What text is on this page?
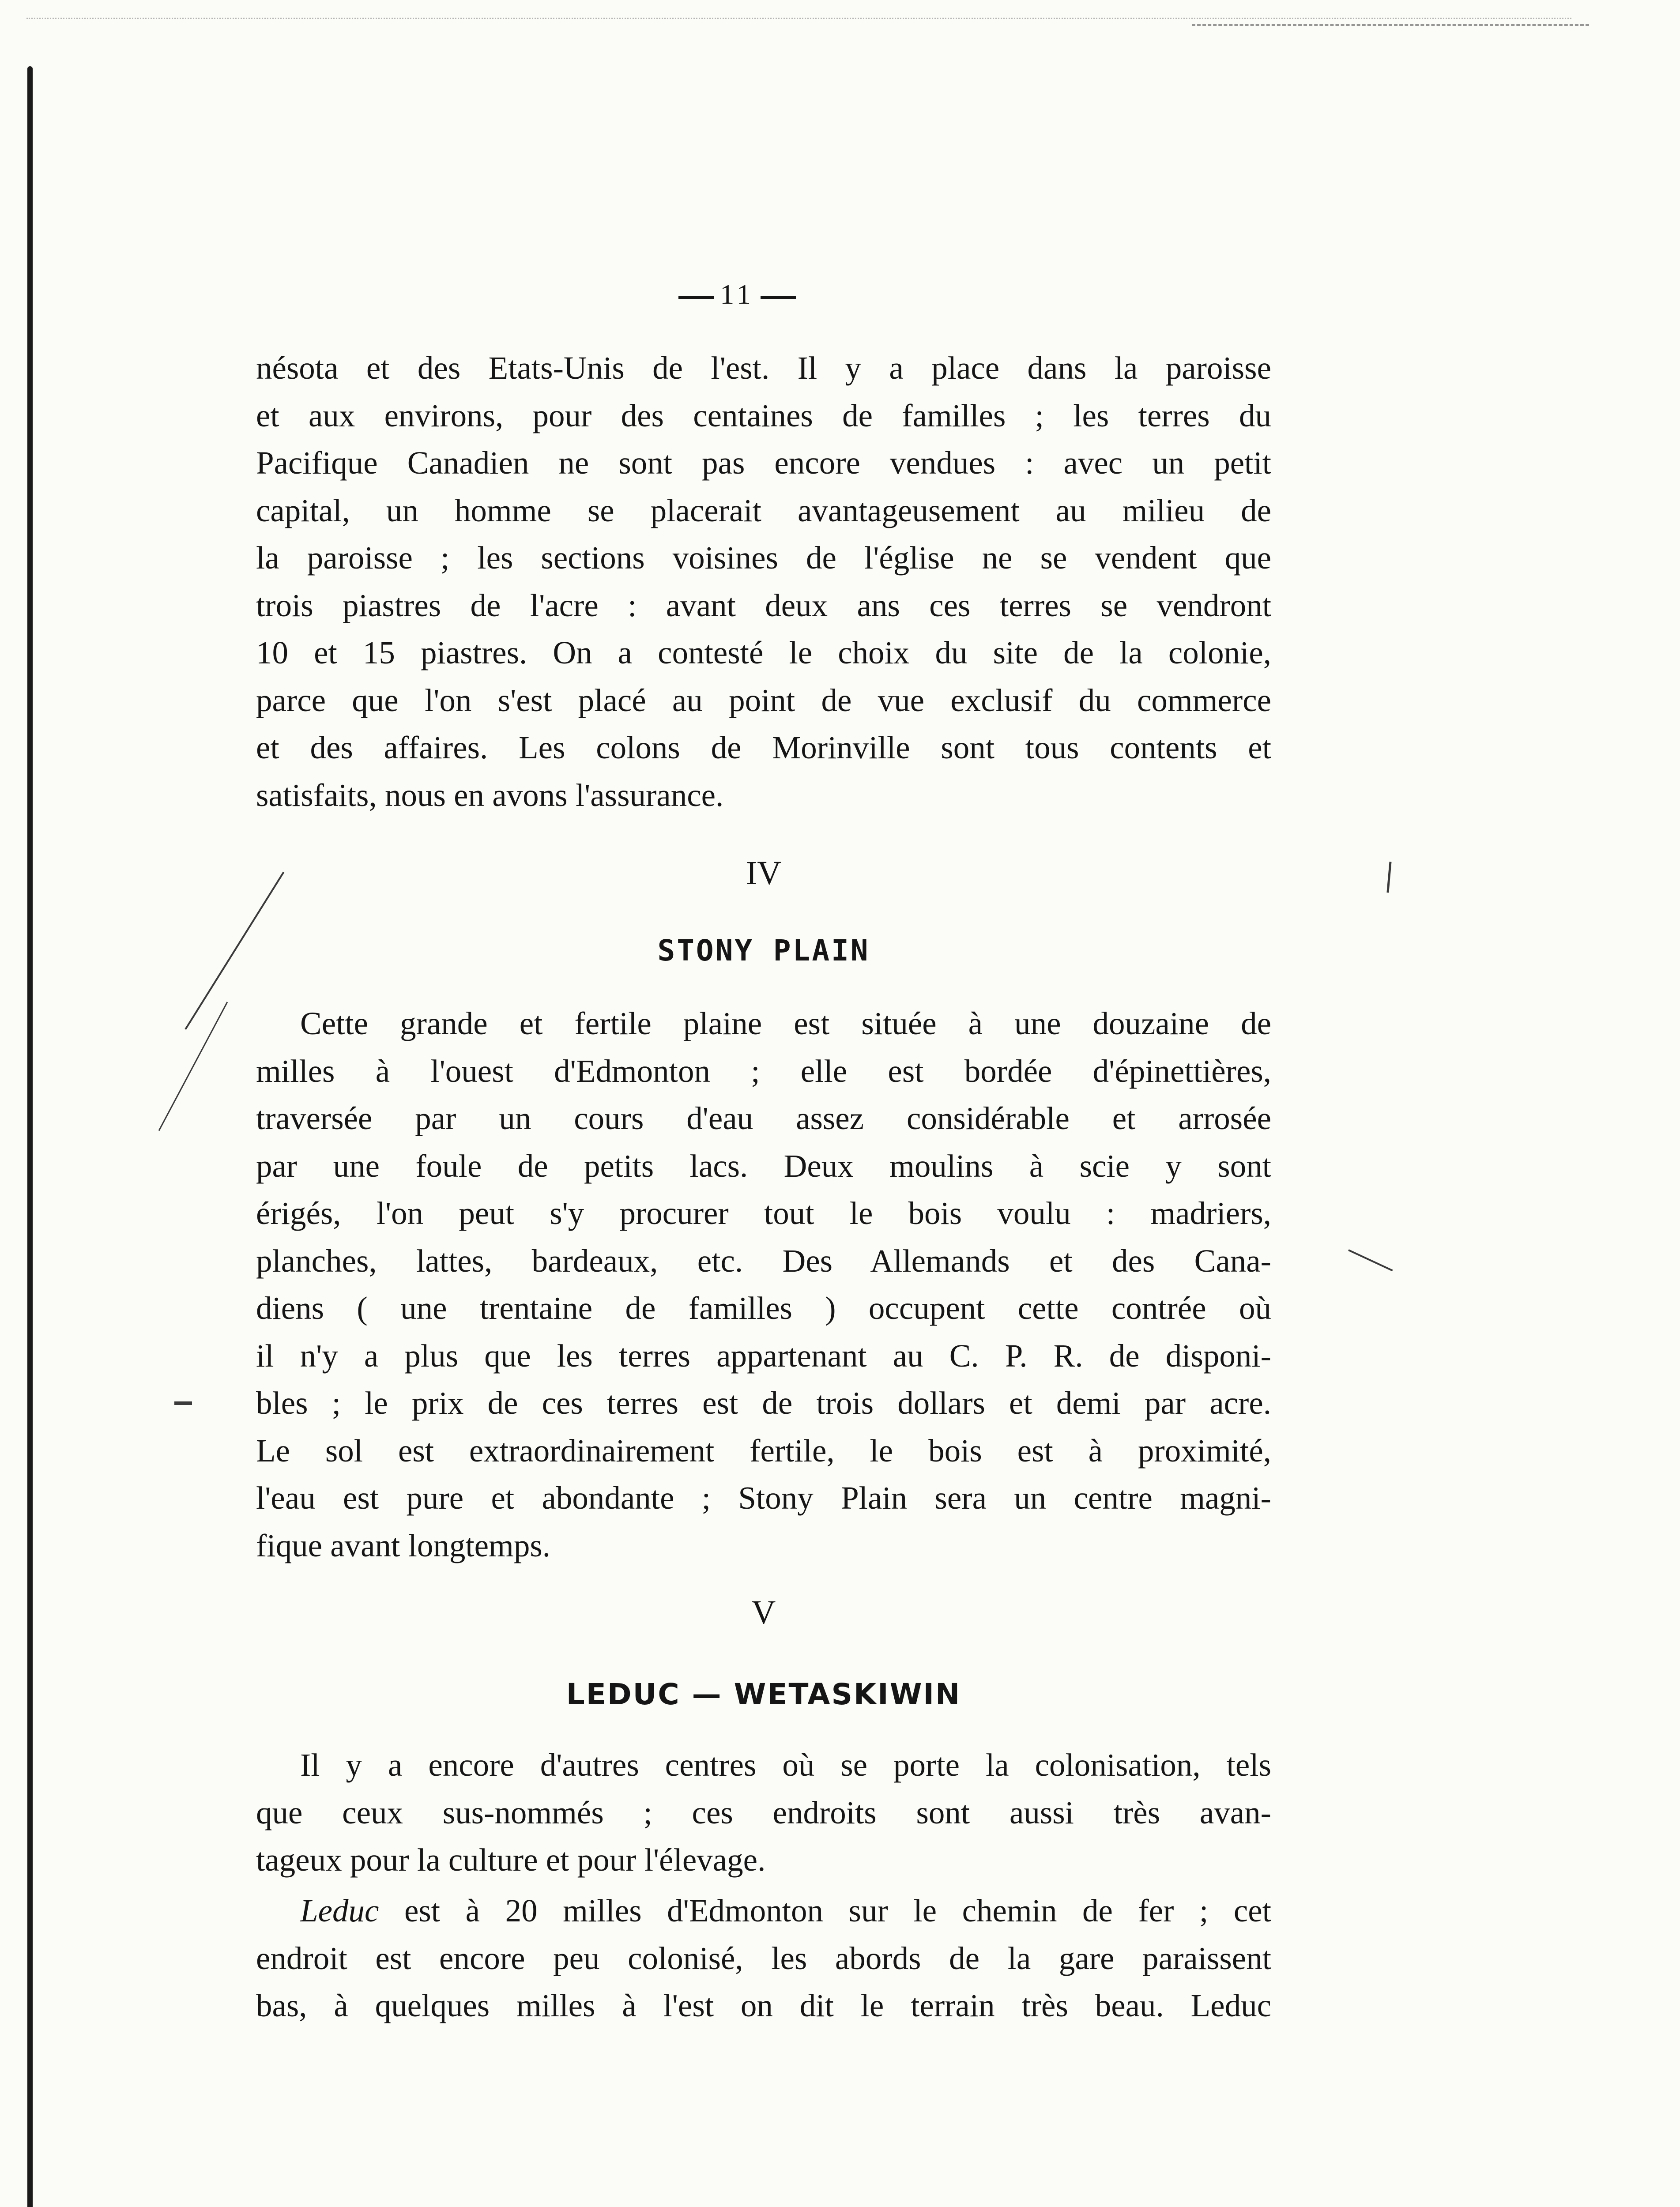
11
nésota et des Etats-Unis de l'est. Il y a place dans la paroisse
et aux environs, pour des centaines de familles ; les terres du
Pacifique Canadien ne sont pas encore vendues : avec un petit
capital, un homme se placerait avantageusement au milieu de
la paroisse ; les sections voisines de l'église ne se vendent que
trois piastres de l'acre : avant deux ans ces terres se vendront
10 et 15 piastres. On a contesté le choix du site de la colonie,
parce que l'on s'est placé au point de vue exclusif du commerce
et des affaires. Les colons de Morinville sont tous contents et
satisfaits, nous en avons l'assurance.
IV
STONY PLAIN
Cette grande et fertile plaine est située à une douzaine de
milles à l'ouest d'Edmonton ; elle est bordée d'épinettières,
traversée par un cours d'eau assez considérable et arrosée
par une foule de petits lacs. Deux moulins à scie y sont
érigés, l'on peut s'y procurer tout le bois voulu : madriers,
planches, lattes, bardeaux, etc. Des Allemands et des Cana-
diens ( une trentaine de familles ) occupent cette contrée où
il n'y a plus que les terres appartenant au C. P. R. de disponi-
bles ; le prix de ces terres est de trois dollars et demi par acre.
Le sol est extraordinairement fertile, le bois est à proximité,
l'eau est pure et abondante ; Stony Plain sera un centre magni-
fique avant longtemps.
V
LEDUC — WETASKIWIN
Il y a encore d'autres centres où se porte la colonisation, tels
que ceux sus-nommés ; ces endroits sont aussi très avan-
tageux pour la culture et pour l'élevage.
Leduc est à 20 milles d'Edmonton sur le chemin de fer ; cet
endroit est encore peu colonisé, les abords de la gare paraissent
bas, à quelques milles à l'est on dit le terrain très beau. Leduc
